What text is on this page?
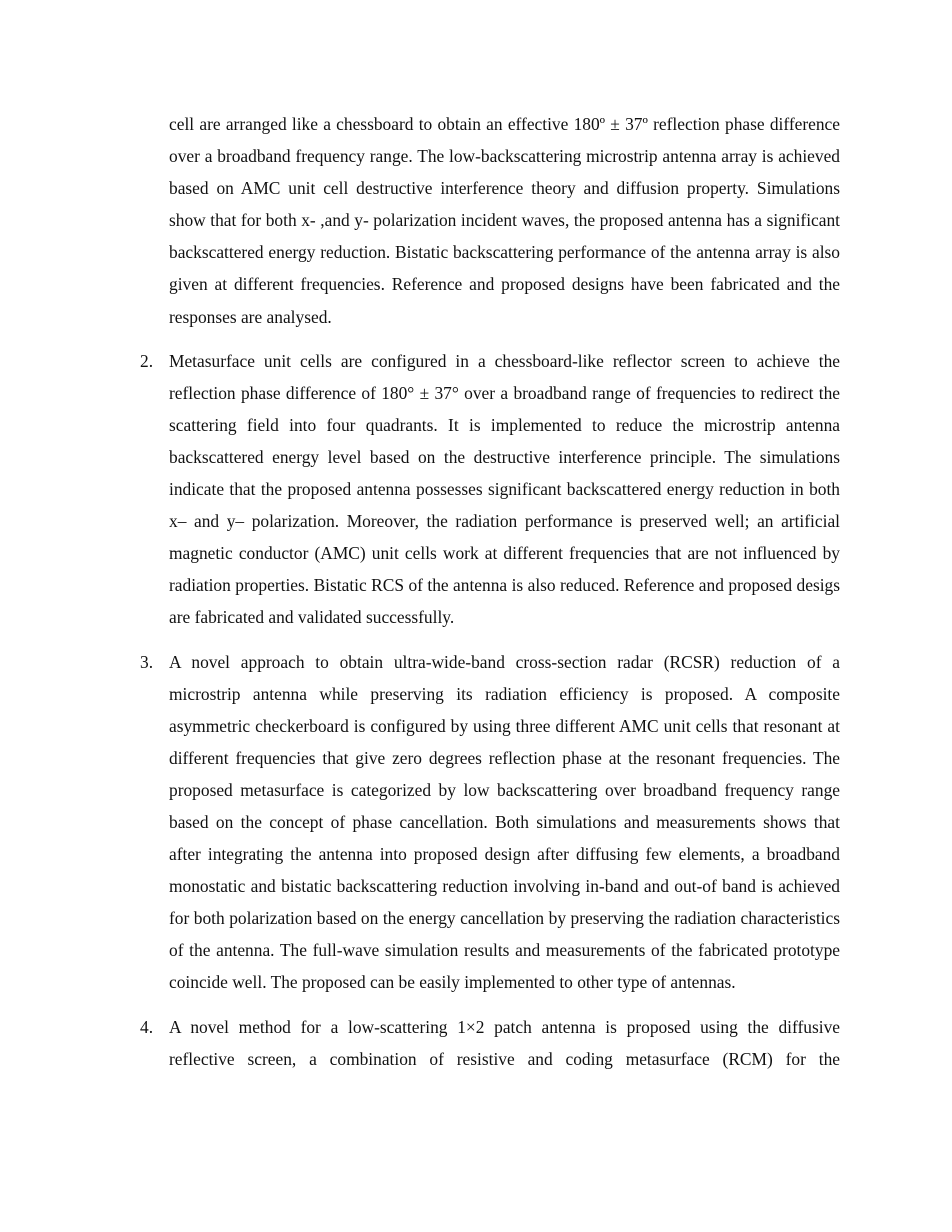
cell are arranged like a chessboard to obtain an effective 180º ± 37º reflection phase difference over a broadband frequency range. The low-backscattering microstrip antenna array is achieved based on AMC unit cell destructive interference theory and diffusion property. Simulations show that for both x- ,and y- polarization incident waves, the proposed antenna has a significant backscattered energy reduction. Bistatic backscattering performance of the antenna array is also given at different frequencies. Reference and proposed designs have been fabricated and the responses are analysed.

2. Metasurface unit cells are configured in a chessboard-like reflector screen to achieve the reflection phase difference of 180° ± 37° over a broadband range of frequencies to redirect the scattering field into four quadrants. It is implemented to reduce the microstrip antenna backscattered energy level based on the destructive interference principle. The simulations indicate that the proposed antenna possesses significant backscattered energy reduction in both x– and y– polarization. Moreover, the radiation performance is preserved well; an artificial magnetic conductor (AMC) unit cells work at different frequencies that are not influenced by radiation properties. Bistatic RCS of the antenna is also reduced. Reference and proposed desigs are fabricated and validated successfully.

3. A novel approach to obtain ultra-wide-band cross-section radar (RCSR) reduction of a microstrip antenna while preserving its radiation efficiency is proposed. A composite asymmetric checkerboard is configured by using three different AMC unit cells that resonant at different frequencies that give zero degrees reflection phase at the resonant frequencies. The proposed metasurface is categorized by low backscattering over broadband frequency range based on the concept of phase cancellation. Both simulations and measurements shows that after integrating the antenna into proposed design after diffusing few elements, a broadband monostatic and bistatic backscattering reduction involving in-band and out-of band is achieved for both polarization based on the energy cancellation by preserving the radiation characteristics of the antenna. The full-wave simulation results and measurements of the fabricated prototype coincide well. The proposed can be easily implemented to other type of antennas.

4. A novel method for a low-scattering 1×2 patch antenna is proposed using the diffusive reflective screen, a combination of resistive and coding metasurface (RCM) for the
